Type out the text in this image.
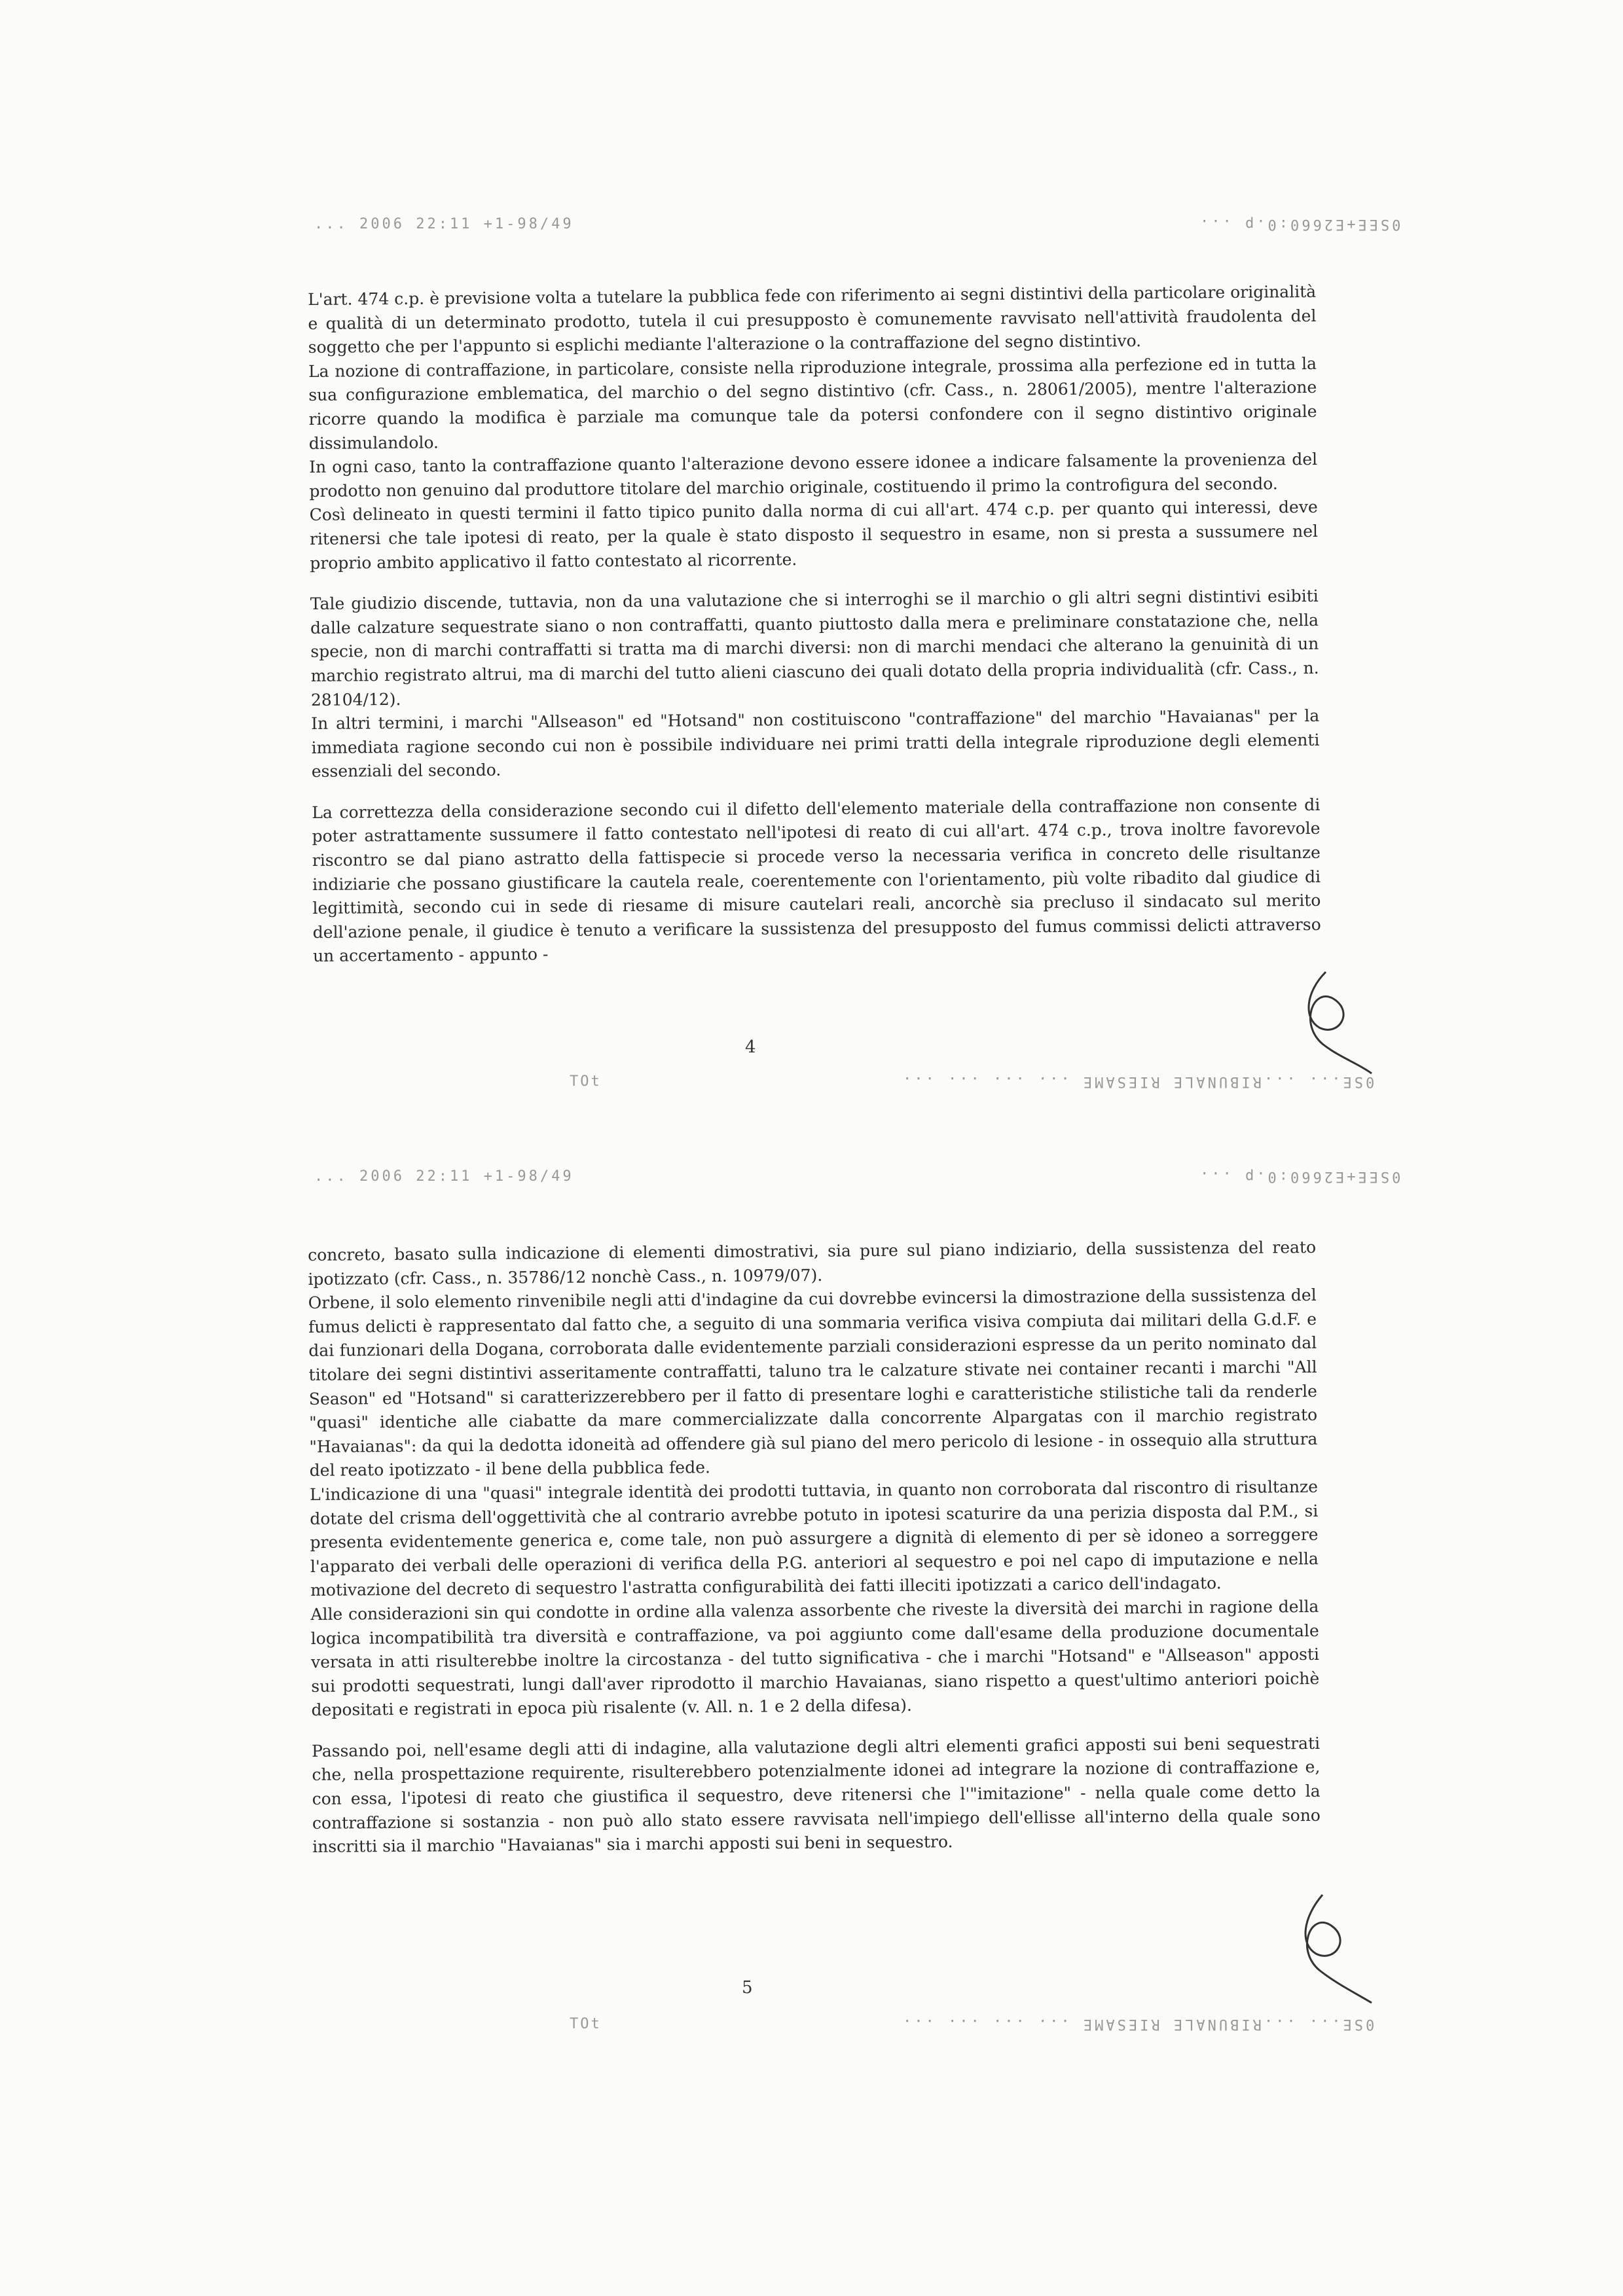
... 2006 22:11 +1-98/49	0SEE+E2660:0.p ...

L'art. 474 c.p. è previsione volta a tutelare la pubblica fede con riferimento ai segni distintivi della particolare originalità e qualità di un determinato prodotto, tutela il cui presupposto è comunemente ravvisato nell'attività fraudolenta del soggetto che per l'appunto si esplichi mediante l'alterazione o la contraffazione del segno distintivo.

La nozione di contraffazione, in particolare, consiste nella riproduzione integrale, prossima alla perfezione ed in tutta la sua configurazione emblematica, del marchio o del segno distintivo (cfr. Cass., n. 28061/2005), mentre l'alterazione ricorre quando la modifica è parziale ma comunque tale da potersi confondere con il segno distintivo originale dissimulandolo.

In ogni caso, tanto la contraffazione quanto l'alterazione devono essere idonee a indicare falsamente la provenienza del prodotto non genuino dal produttore titolare del marchio originale, costituendo il primo la controfigura del secondo.

Così delineato in questi termini il fatto tipico punito dalla norma di cui all'art. 474 c.p. per quanto qui interessi, deve ritenersi che tale ipotesi di reato, per la quale è stato disposto il sequestro in esame, non si presta a sussumere nel proprio ambito applicativo il fatto contestato al ricorrente.

Tale giudizio discende, tuttavia, non da una valutazione che si interroghi se il marchio o gli altri segni distintivi esibiti dalle calzature sequestrate siano o non contraffatti, quanto piuttosto dalla mera e preliminare constatazione che, nella specie, non di marchi contraffatti si tratta ma di marchi diversi: non di marchi mendaci che alterano la genuinità di un marchio registrato altrui, ma di marchi del tutto alieni ciascuno dei quali dotato della propria individualità (cfr. Cass., n. 28104/12).

In altri termini, i marchi "Allseason" ed "Hotsand" non costituiscono "contraffazione" del marchio "Havaianas" per la immediata ragione secondo cui non è possibile individuare nei primi tratti della integrale riproduzione degli elementi essenziali del secondo.

La correttezza della considerazione secondo cui il difetto dell'elemento materiale della contraffazione non consente di poter astrattamente sussumere il fatto contestato nell'ipotesi di reato di cui all'art. 474 c.p., trova inoltre favorevole riscontro se dal piano astratto della fattispecie si procede verso la necessaria verifica in concreto delle risultanze indiziarie che possano giustificare la cautela reale, coerentemente con l'orientamento, più volte ribadito dal giudice di legittimità, secondo cui in sede di riesame di misure cautelari reali, ancorchè sia precluso il sindacato sul merito dell'azione penale, il giudice è tenuto a verificare la sussistenza del presupposto del fumus commissi delicti attraverso un accertamento - appunto -

4
TOt	0SE... ...RIBUNALE RIESAME ... ... ... ...
... 2006 22:11 +1-98/49	0SEE+E2660:0.p ...

concreto, basato sulla indicazione di elementi dimostrativi, sia pure sul piano indiziario, della sussistenza del reato ipotizzato (cfr. Cass., n. 35786/12 nonchè Cass., n. 10979/07).

Orbene, il solo elemento rinvenibile negli atti d'indagine da cui dovrebbe evincersi la dimostrazione della sussistenza del fumus delicti è rappresentato dal fatto che, a seguito di una sommaria verifica visiva compiuta dai militari della G.d.F. e dai funzionari della Dogana, corroborata dalle evidentemente parziali considerazioni espresse da un perito nominato dal titolare dei segni distintivi asseritamente contraffatti, taluno tra le calzature stivate nei container recanti i marchi "All Season" ed "Hotsand" si caratterizzerebbero per il fatto di presentare loghi e caratteristiche stilistiche tali da renderle "quasi" identiche alle ciabatte da mare commercializzate dalla concorrente Alpargatas con il marchio registrato "Havaianas": da qui la dedotta idoneità ad offendere già sul piano del mero pericolo di lesione - in ossequio alla struttura del reato ipotizzato - il bene della pubblica fede.

L'indicazione di una "quasi" integrale identità dei prodotti tuttavia, in quanto non corroborata dal riscontro di risultanze dotate del crisma dell'oggettività che al contrario avrebbe potuto in ipotesi scaturire da una perizia disposta dal P.M., si presenta evidentemente generica e, come tale, non può assurgere a dignità di elemento di per sè idoneo a sorreggere l'apparato dei verbali delle operazioni di verifica della P.G. anteriori al sequestro e poi nel capo di imputazione e nella motivazione del decreto di sequestro l'astratta configurabilità dei fatti illeciti ipotizzati a carico dell'indagato.

Alle considerazioni sin qui condotte in ordine alla valenza assorbente che riveste la diversità dei marchi in ragione della logica incompatibilità tra diversità e contraffazione, va poi aggiunto come dall'esame della produzione documentale versata in atti risulterebbe inoltre la circostanza - del tutto significativa - che i marchi "Hotsand" e "Allseason" apposti sui prodotti sequestrati, lungi dall'aver riprodotto il marchio Havaianas, siano rispetto a quest'ultimo anteriori poichè depositati e registrati in epoca più risalente (v. All. n. 1 e 2 della difesa).

Passando poi, nell'esame degli atti di indagine, alla valutazione degli altri elementi grafici apposti sui beni sequestrati che, nella prospettazione requirente, risulterebbero potenzialmente idonei ad integrare la nozione di contraffazione e, con essa, l'ipotesi di reato che giustifica il sequestro, deve ritenersi che l'"imitazione" - nella quale come detto la contraffazione si sostanzia - non può allo stato essere ravvisata nell'impiego dell'ellisse all'interno della quale sono inscritti sia il marchio "Havaianas" sia i marchi apposti sui beni in sequestro.

5
TOt	0SE... ...RIBUNALE RIESAME ... ... ... ...
